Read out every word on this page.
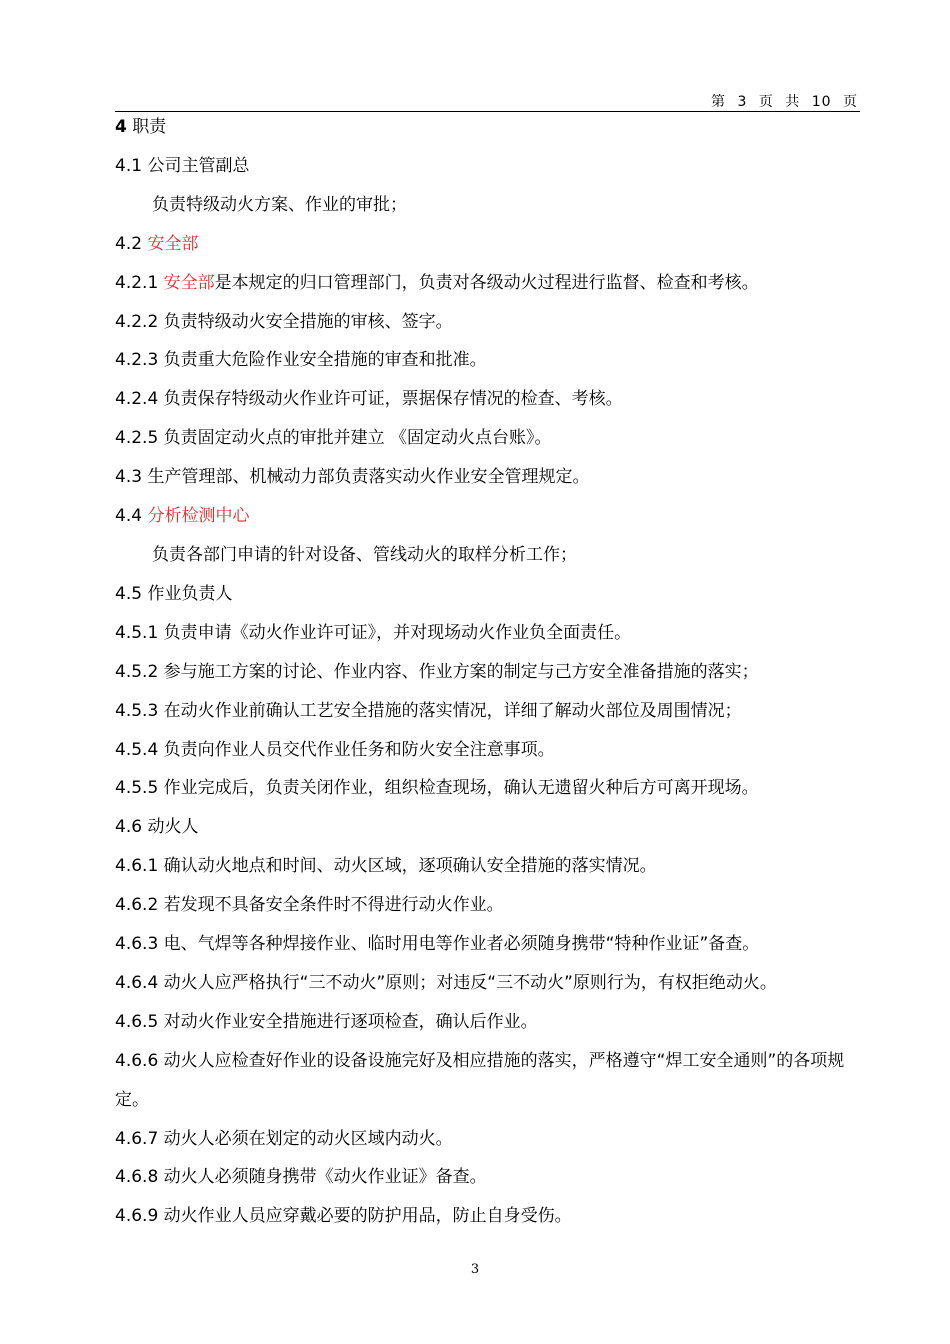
第 3 页 共 10 页
4 职责
4.1 公司主管副总
负责特级动火方案、作业的审批；
4.2 安全部
4.2.1 安全部是本规定的归口管理部门，负责对各级动火过程进行监督、检查和考核。
4.2.2 负责特级动火安全措施的审核、签字。
4.2.3 负责重大危险作业安全措施的审查和批准。
4.2.4 负责保存特级动火作业许可证，票据保存情况的检查、考核。
4.2.5 负责固定动火点的审批并建立 《固定动火点台账》。
4.3 生产管理部、机械动力部负责落实动火作业安全管理规定。
4.4 分析检测中心
负责各部门申请的针对设备、管线动火的取样分析工作；
4.5 作业负责人
4.5.1 负责申请《动火作业许可证》，并对现场动火作业负全面责任。
4.5.2 参与施工方案的讨论、作业内容、作业方案的制定与己方安全准备措施的落实；
4.5.3 在动火作业前确认工艺安全措施的落实情况，详细了解动火部位及周围情况；
4.5.4 负责向作业人员交代作业任务和防火安全注意事项。
4.5.5 作业完成后，负责关闭作业，组织检查现场，确认无遗留火种后方可离开现场。
4.6 动火人
4.6.1 确认动火地点和时间、动火区域，逐项确认安全措施的落实情况。
4.6.2 若发现不具备安全条件时不得进行动火作业。
4.6.3 电、气焊等各种焊接作业、临时用电等作业者必须随身携带“特种作业证”备查。
4.6.4 动火人应严格执行“三不动火”原则；对违反“三不动火”原则行为，有权拒绝动火。
4.6.5 对动火作业安全措施进行逐项检查，确认后作业。
4.6.6 动火人应检查好作业的设备设施完好及相应措施的落实，严格遵守“焊工安全通则”的各项规定。
4.6.7 动火人必须在划定的动火区域内动火。
4.6.8 动火人必须随身携带《动火作业证》备查。
4.6.9 动火作业人员应穿戴必要的防护用品，防止自身受伤。
3
